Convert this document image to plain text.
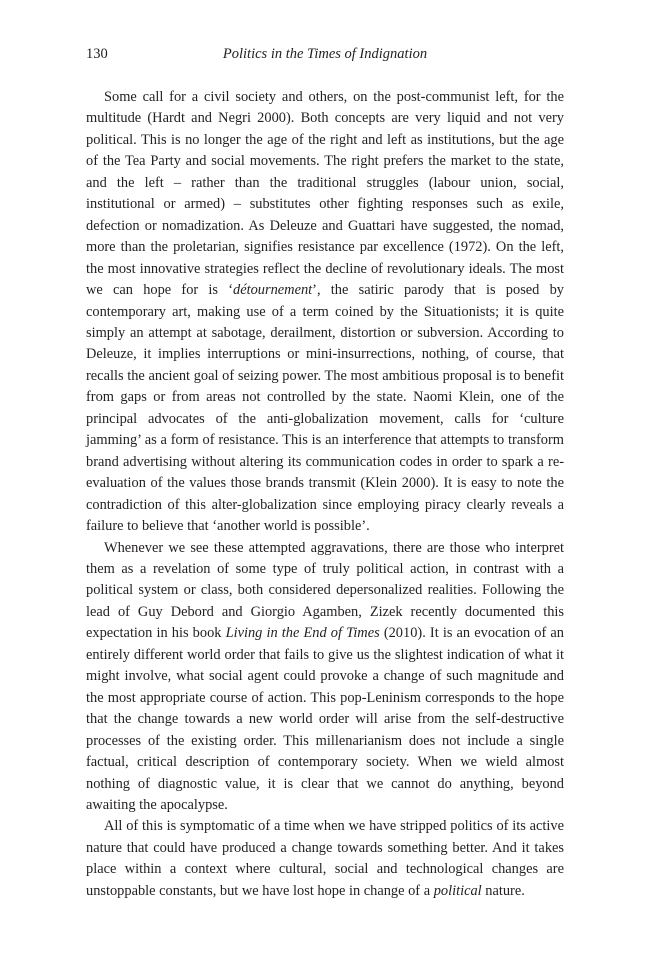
130	Politics in the Times of Indignation

Some call for a civil society and others, on the post-communist left, for the multitude (Hardt and Negri 2000). Both concepts are very liquid and not very political. This is no longer the age of the right and left as institutions, but the age of the Tea Party and social movements. The right prefers the market to the state, and the left – rather than the traditional struggles (labour union, social, institutional or armed) – substitutes other fighting responses such as exile, defection or nomadization. As Deleuze and Guattari have suggested, the nomad, more than the proletarian, signifies resistance par excellence (1972). On the left, the most innovative strategies reflect the decline of revolutionary ideals. The most we can hope for is ‘détournement’, the satiric parody that is posed by contemporary art, making use of a term coined by the Situationists; it is quite simply an attempt at sabotage, derailment, distortion or subversion. According to Deleuze, it implies interruptions or mini-insurrections, nothing, of course, that recalls the ancient goal of seizing power. The most ambitious proposal is to benefit from gaps or from areas not controlled by the state. Naomi Klein, one of the principal advocates of the anti-globalization movement, calls for ‘culture jamming’ as a form of resistance. This is an interference that attempts to transform brand advertising without altering its communication codes in order to spark a re-evaluation of the values those brands transmit (Klein 2000). It is easy to note the contradiction of this alter-globalization since employing piracy clearly reveals a failure to believe that ‘another world is possible’.

Whenever we see these attempted aggravations, there are those who interpret them as a revelation of some type of truly political action, in contrast with a political system or class, both considered depersonalized realities. Following the lead of Guy Debord and Giorgio Agamben, Zizek recently documented this expectation in his book Living in the End of Times (2010). It is an evocation of an entirely different world order that fails to give us the slightest indication of what it might involve, what social agent could provoke a change of such magnitude and the most appropriate course of action. This pop-Leninism corresponds to the hope that the change towards a new world order will arise from the self-destructive processes of the existing order. This millenarianism does not include a single factual, critical description of contemporary society. When we wield almost nothing of diagnostic value, it is clear that we cannot do anything, beyond awaiting the apocalypse.

All of this is symptomatic of a time when we have stripped politics of its active nature that could have produced a change towards something better. And it takes place within a context where cultural, social and technological changes are unstoppable constants, but we have lost hope in change of a political nature.
